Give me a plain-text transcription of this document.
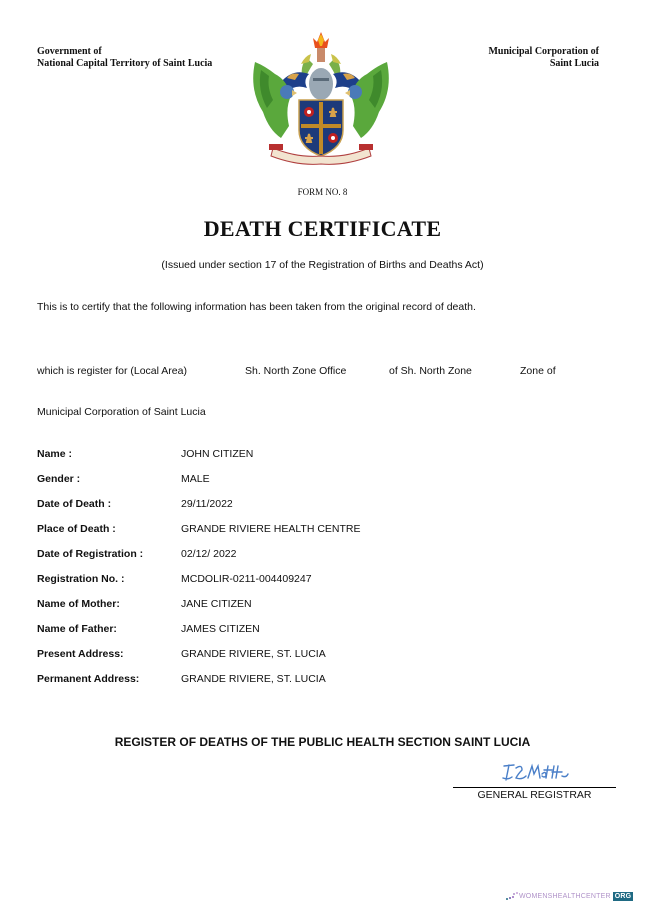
Government of
National Capital Territory of Saint Lucia
Municipal Corporation of
Saint Lucia
FORM NO. 8
DEATH CERTIFICATE
(Issued under section 17 of the Registration of Births and Deaths Act)
This is to certify that the following information has been taken from the original record of death.
which is register for (Local Area)	Sh. North Zone Office	of Sh. North Zone	Zone of
Municipal Corporation of Saint Lucia
Name :	JOHN CITIZEN
Gender :	MALE
Date of Death :	29/11/2022
Place of Death :	GRANDE RIVIERE HEALTH CENTRE
Date of Registration :	02/12/ 2022
Registration No. :	MCDOLIR-0211-004409247
Name of Mother:	JANE CITIZEN
Name of Father:	JAMES CITIZEN
Present Address:	GRANDE RIVIERE, ST. LUCIA
Permanent Address:	GRANDE RIVIERE, ST. LUCIA
REGISTER OF DEATHS OF THE PUBLIC HEALTH SECTION SAINT LUCIA
GENERAL REGISTRAR
WOMENSHEALTHCENTER ORG
